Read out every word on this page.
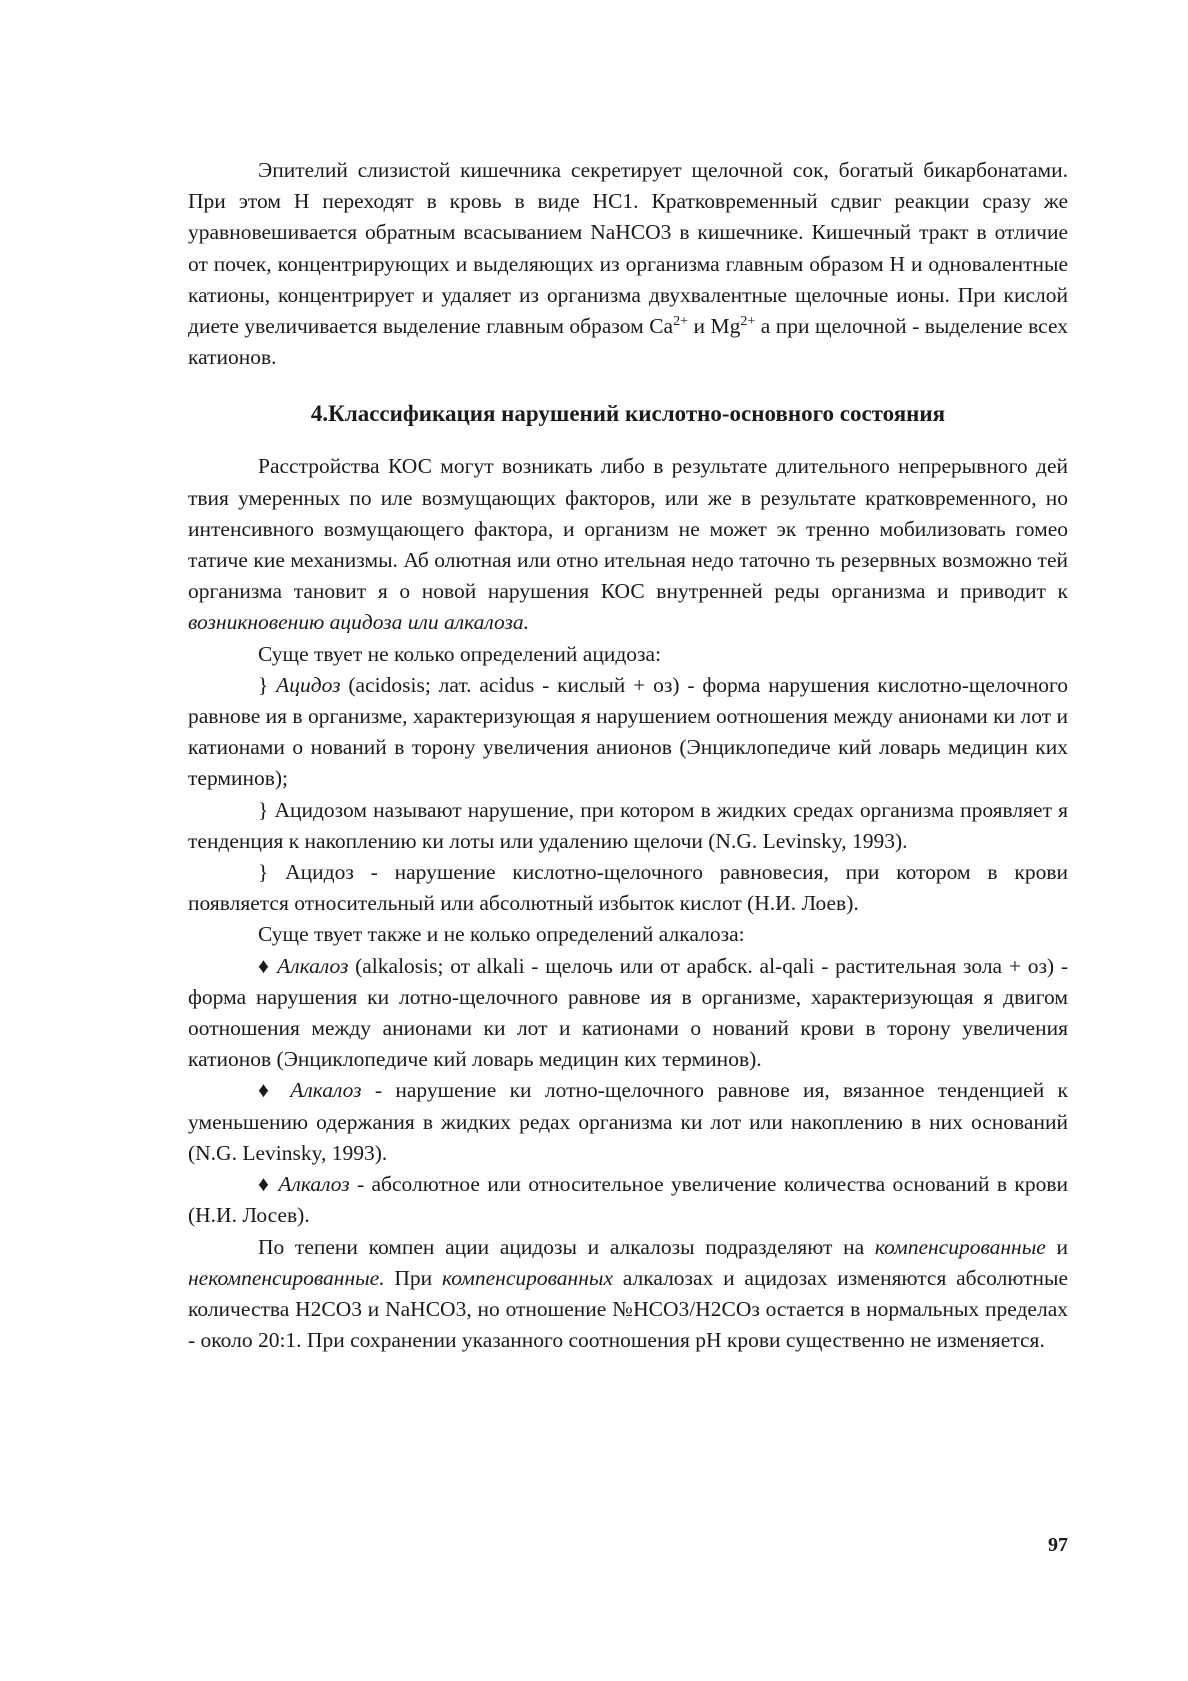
Эпителий слизистой кишечника секретирует щелочной сок, богатый бикарбонатами. При этом Н переходят в кровь в виде НС1. Кратковременный сдвиг реакции сразу же уравновешивается обратным всасыванием NaHCO3 в кишечнике. Кишечный тракт в отличие от почек, концентрирующих и выделяющих из организма главным образом Н и одновалентные катионы, концентрирует и удаляет из организма двухвалентные щелочные ионы. При кислой диете увеличивается выделение главным образом $Са^{2+}$ и $Mg^{2+}$ а при щелочной - выделение всех катионов.

4.Классификация нарушений кислотно-основного состояния

Расстройства КОС могут возникать либо в результате длительного непрерывного дей твия умеренных по иле возмущающих факторов, или же в результате кратковременного, но интенсивного возмущающего фактора, и организм не может эк тренно мобилизовать гомео татиче кие механизмы. Аб олютная или отно ительная недо таточно ть резервных возможно тей организма тановит я о новой нарушения КОС внутренней реды организма и приводит к возникновению ацидоза или алкалоза.

Суще твует не колько определений ацидоза:

} Ацидоз (acidosis; лат. acidus - кислый + оз) - форма нарушения кислотно-щелочного равнове ия в организме, характеризующая я нарушением оотношения между анионами ки лот и катионами о нований в торону увеличения анионов (Энциклопедиче кий ловарь медицин ких терминов);

} Ацидозом называют нарушение, при котором в жидких средах организма проявляет я тенденция к накоплению ки лоты или удалению щелочи (N.G. Levinsky, 1993).

} Ацидоз - нарушение кислотно-щелочного равновесия, при котором в крови появляется относительный или абсолютный избыток кислот (Н.И. Лоев).

Суще твует также и не колько определений алкалоза:

♦ Алкалоз (alkalosis; от alkali - щелочь или от арабск. al-qali - растительная зола + оз) - форма нарушения ки лотно-щелочного равнове ия в организме, характеризующая я двигом оотношения между анионами ки лот и катионами о нований крови в торону увеличения катионов (Энциклопедиче кий ловарь медицин ких терминов).

♦ Алкалоз - нарушение ки лотно-щелочного равнове ия, вязанное тенденцией к уменьшению одержания в жидких редах организма ки лот или накоплению в них оснований (N.G. Levinsky, 1993).

♦ Алкалоз - абсолютное или относительное увеличение количества оснований в крови (Н.И. Лосев).

По тепени компен ации ацидозы и алкалозы подразделяют на компенсированные и некомпенсированные. При компенсированных алкалозах и ацидозах изменяются абсолютные количества H2CO3 и NaHCO3, но отношение №НСО3/Н2СОз остается в нормальных пределах - около 20:1. При сохранении указанного соотношения рН крови существенно не изменяется.

97
